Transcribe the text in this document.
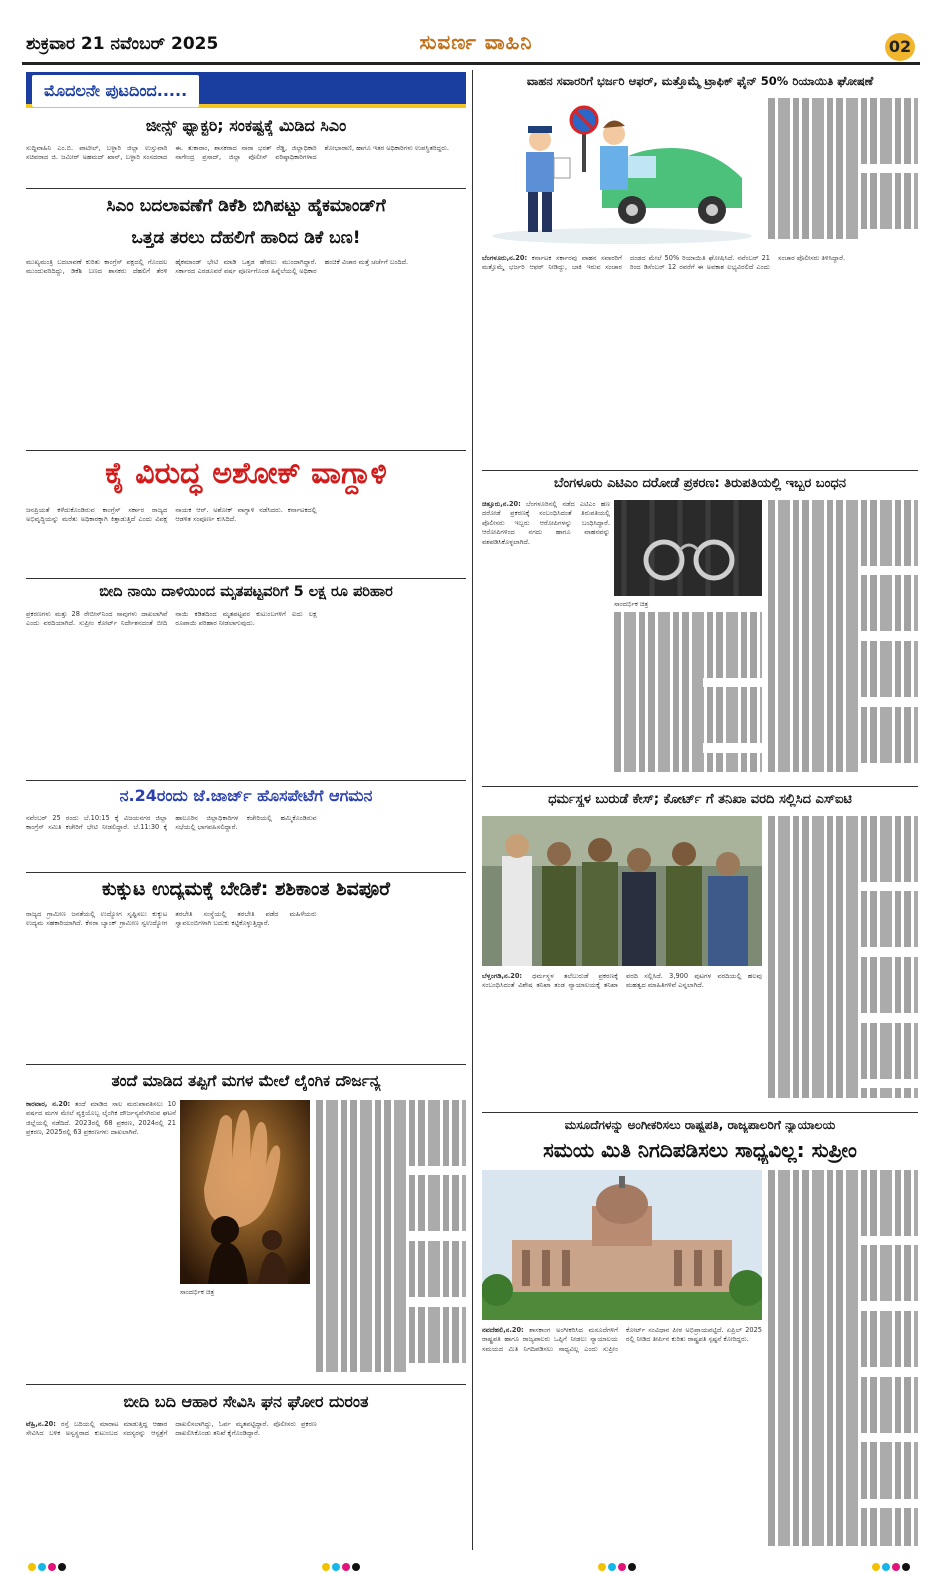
ಶುಕ್ರವಾರ 21 ನವೆಂಬರ್ 2025	ಸುವರ್ಣ ವಾಹಿನಿ	02
ಮೊದಲನೇ ಪುಟದಿಂದ.....
ಜೀನ್ಸ್ ಫ್ಯಾಕ್ಟರಿ; ಸಂಕಷ್ಟಕ್ಕೆ ಮಿಡಿದ ಸಿಎಂ

ಸುದ್ದಿವಾಹಿನಿ ಎಂ.ಬಿ. ಪಾಟೀಲ್, ಬಳ್ಳಾರಿ ಜಿಲ್ಲಾ ಉಸ್ತುವಾರಿ ಸಚಿವರಾದ ಜಿ. ಜಮೀರ್ ಅಹಮದ್ ಖಾನ್, ಬಳ್ಳಾರಿ ಸಂಸದರಾದ ಈ. ತುಕಾರಾಂ, ಶಾಸಕರಾದ ನಾರಾ ಭರತ್ ರೆಡ್ಡಿ, ಜಿಲ್ಲಾಧಿಕಾರಿ ನಾಗೇಂದ್ರ ಪ್ರಸಾದ್, ಜಿಲ್ಲಾ ಪೊಲೀಸ್ ವರಿಷ್ಠಾಧಿಕಾರಿಗಳಾದ ಶೋಭಾರಾಣಿ, ಹಾಗೂ ಇತರ ಅಧಿಕಾರಿಗಳು ಉಪಸ್ಥಿತರಿದ್ದರು.

ಸಿಎಂ ಬದಲಾವಣೆಗೆ ಡಿಕೆಶಿ ಬಿಗಿಪಟ್ಟು ಹೈಕಮಾಂಡ್‌ಗೆ
ಒತ್ತಡ ತರಲು ದೆಹಲಿಗೆ ಹಾರಿದ ಡಿಕೆ ಬಣ!

ಮುಖ್ಯಮಂತ್ರಿ ಬದಲಾವಣೆ ಕುರಿತು ಕಾಂಗ್ರೆಸ್ ಪಕ್ಷದಲ್ಲಿ ಗೊಂದಲ ಮುಂದುವರಿದಿದ್ದು, ಡಿಕೆಶಿ ಬಣದ ಶಾಸಕರು ದೆಹಲಿಗೆ ತೆರಳಿ ಹೈಕಮಾಂಡ್ ಭೇಟಿ ಮಾಡಿ ಒತ್ತಡ ಹೇರಲು ಮುಂದಾಗಿದ್ದಾರೆ. ಸರ್ಕಾರದ ಎರಡೂವರೆ ವರ್ಷ ಪೂರ್ಣಗೊಂಡ ಹಿನ್ನೆಲೆಯಲ್ಲಿ ಅಧಿಕಾರ ಹಂಚಿಕೆ ವಿಚಾರ ಮತ್ತೆ ಚರ್ಚೆಗೆ ಬಂದಿದೆ.

ಕೈ ವಿರುದ್ಧ ಅಶೋಕ್ ವಾಗ್ದಾಳಿ

ಜನಪ್ರಿಯತೆ ಕಳೆದುಕೊಂಡಿರುವ ಕಾಂಗ್ರೆಸ್ ಸರ್ಕಾರ ರಾಜ್ಯದ ಅಭಿವೃದ್ಧಿಯನ್ನು ಮರೆತು ಅಧಿಕಾರಕ್ಕಾಗಿ ಕಿತ್ತಾಡುತ್ತಿದೆ ಎಂದು ವಿಪಕ್ಷ ನಾಯಕ ಆರ್. ಅಶೋಕ್ ವಾಗ್ದಾಳಿ ನಡೆಸಿದರು. ಕರ್ನಾಟಕದಲ್ಲಿ ಆಡಳಿತ ಸಂಪೂರ್ಣ ಕುಸಿದಿದೆ.

ಬೀದಿ ನಾಯಿ ದಾಳಿಯಿಂದ ಮೃತಪಟ್ಟವರಿಗೆ 5 ಲಕ್ಷ ರೂ ಪರಿಹಾರ

ಪ್ರಕರಣಗಳು ಮತ್ತು 28 ರೇಬೀಸ್‌ನಿಂದ ಸಾವುಗಳು ದಾಖಲಾಗಿವೆ ಎಂದು ವರದಿಯಾಗಿದೆ. ಸುಪ್ರೀಂ ಕೋರ್ಟ್ ನಿರ್ದೇಶನದಂತೆ ಬೀದಿ ನಾಯಿ ಕಡಿತದಿಂದ ಮೃತಪಟ್ಟವರ ಕುಟುಂಬಗಳಿಗೆ ಐದು ಲಕ್ಷ ರೂಪಾಯಿ ಪರಿಹಾರ ನೀಡಲಾಗುವುದು.

ನ.24ರಂದು ಜೆ.ಜಾರ್ಜ್ ಹೊಸಪೇಟೆಗೆ ಆಗಮನ

ನವೆಂಬರ್ 25 ರಂದು ಬೆ.10:15 ಕ್ಕೆ ವಿಜಯನಗರ ಜಿಲ್ಲಾ ಕಾಂಗ್ರೆಸ್ ಸಮಿತಿ ಕಚೇರಿಗೆ ಭೇಟಿ ನೀಡಲಿದ್ದಾರೆ. ಬೆ.11:30 ಕ್ಕೆ ಹಾಲೂರಿನ ಜಿಲ್ಲಾಧಿಕಾರಿಗಳ ಕಚೇರಿಯಲ್ಲಿ ಹಮ್ಮಿಕೊಂಡಿರುವ ಸಭೆಯಲ್ಲಿ ಭಾಗವಹಿಸಲಿದ್ದಾರೆ.

ಕುಕ್ಕುಟ ಉದ್ಯಮಕ್ಕೆ ಬೇಡಿಕೆ: ಶಶಿಕಾಂತ ಶಿವಪೂರೆ

ರಾಜ್ಯದ ಗ್ರಾಮೀಣ ಜನತೆಯಲ್ಲಿ ಉದ್ಯೋಗ ಸೃಷ್ಟಿಸಲು ಕುಕ್ಕುಟ ಉದ್ಯಮ ಸಹಕಾರಿಯಾಗಿದೆ. ಕೆನರಾ ಬ್ಯಾಂಕ್ ಗ್ರಾಮೀಣ ಸ್ವಉದ್ಯೋಗ ತರಬೇತಿ ಸಂಸ್ಥೆಯಲ್ಲಿ ತರಬೇತಿ ಪಡೆದ ಮಹಿಳೆಯರು ಸ್ವಾವಲಂಬಿಗಳಾಗಿ ಬದುಕು ಕಟ್ಟಿಕೊಳ್ಳುತ್ತಿದ್ದಾರೆ.

ತಂದೆ ಮಾಡಿದ ತಪ್ಪಿಗೆ ಮಗಳ ಮೇಲೆ ಲೈಂಗಿಕ ದೌರ್ಜನ್ಯ

ಕಾರವಾರ, ನ.20: ತಂದೆ ಮಾಡಿದ ಸಾಲ ಮರುಪಾವತಿಸಲು 10 ವರ್ಷದ ಮಗಳ ಮೇಲೆ ವ್ಯಕ್ತಿಯೊಬ್ಬ ಲೈಂಗಿಕ ದೌರ್ಜನ್ಯವೆಸಗಿರುವ ಘಟನೆ ಜಿಲ್ಲೆಯಲ್ಲಿ ನಡೆದಿದೆ. 2023ರಲ್ಲಿ 68 ಪ್ರಕರಣ, 2024ರಲ್ಲಿ 21 ಪ್ರಕರಣ, 2025ರಲ್ಲಿ 63 ಪ್ರಕರಣಗಳು ದಾಖಲಾಗಿವೆ.

ಸಾಂದರ್ಭಿಕ ಚಿತ್ರ
ಬೀದಿ ಬದಿ ಆಹಾರ ಸೇವಿಸಿ ಘನ ಘೋರ ದುರಂತ

ಟೆಹ್ರಿ,ನ.20: ರಸ್ತೆ ಬದಿಯಲ್ಲಿ ಮಾರಾಟ ಮಾಡುತ್ತಿದ್ದ ಆಹಾರ ಸೇವಿಸಿದ ಬಳಿಕ ಅಸ್ವಸ್ಥರಾದ ಕುಟುಂಬದ ಸದಸ್ಯರನ್ನು ಆಸ್ಪತ್ರೆಗೆ ದಾಖಲಿಸಲಾಗಿದ್ದು, ಓರ್ವ ಮೃತಪಟ್ಟಿದ್ದಾರೆ. ಪೊಲೀಸರು ಪ್ರಕರಣ ದಾಖಲಿಸಿಕೊಂಡು ತನಿಖೆ ಕೈಗೊಂಡಿದ್ದಾರೆ.

ವಾಹನ ಸವಾರರಿಗೆ ಭರ್ಜರಿ ಆಫರ್, ಮತ್ತೊಮ್ಮೆ ಟ್ರಾಫಿಕ್ ಫೈನ್ 50% ರಿಯಾಯಿತಿ ಘೋಷಣೆ

ಬೆಂಗಳೂರು,ನ.20: ಕರ್ನಾಟಕ ಸರ್ಕಾರವು ವಾಹನ ಸವಾರರಿಗೆ ಮತ್ತೊಮ್ಮೆ ಭರ್ಜರಿ ಆಫರ್ ನೀಡಿದ್ದು, ಬಾಕಿ ಇರುವ ಸಂಚಾರ ದಂಡದ ಮೇಲೆ 50% ರಿಯಾಯಿತಿ ಘೋಷಿಸಿದೆ. ನವೆಂಬರ್ 21 ರಿಂದ ಡಿಸೆಂಬರ್ 12 ರವರೆಗೆ ಈ ಅವಕಾಶ ಲಭ್ಯವಿರಲಿದೆ ಎಂದು ಸಂಚಾರ ಪೊಲೀಸರು ತಿಳಿಸಿದ್ದಾರೆ.

ಬೆಂಗಳೂರು ಎಟಿಎಂ ದರೋಡೆ ಪ್ರಕರಣ: ತಿರುಪತಿಯಲ್ಲಿ ಇಬ್ಬರ ಬಂಧನ

ಚಿತ್ತೂರು,ನ.20: ಬೆಂಗಳೂರಿನಲ್ಲಿ ನಡೆದ ಎಟಿಎಂ ಹಣ ದರೋಡೆ ಪ್ರಕರಣಕ್ಕೆ ಸಂಬಂಧಿಸಿದಂತೆ ತಿರುಪತಿಯಲ್ಲಿ ಪೊಲೀಸರು ಇಬ್ಬರು ಆರೋಪಿಗಳನ್ನು ಬಂಧಿಸಿದ್ದಾರೆ. ಆರೋಪಿಗಳಿಂದ ನಗದು ಹಾಗೂ ವಾಹನವನ್ನು ವಶಪಡಿಸಿಕೊಳ್ಳಲಾಗಿದೆ.

ಸಾಂದರ್ಭಿಕ ಚಿತ್ರ
ಧರ್ಮಸ್ಥಳ ಬುರುಡೆ ಕೇಸ್; ಕೋರ್ಟ್ ಗೆ ತನಿಖಾ ವರದಿ ಸಲ್ಲಿಸಿದ ಎಸ್ಐಟಿ

ಬೆಳ್ತಂಗಡಿ,ನ.20: ಧರ್ಮಸ್ಥಳ ತಲೆಬುರುಡೆ ಪ್ರಕರಣಕ್ಕೆ ಸಂಬಂಧಿಸಿದಂತೆ ವಿಶೇಷ ತನಿಖಾ ತಂಡ ನ್ಯಾಯಾಲಯಕ್ಕೆ ತನಿಖಾ ವರದಿ ಸಲ್ಲಿಸಿದೆ. 3,900 ಪುಟಗಳ ವರದಿಯಲ್ಲಿ ಹಲವು ಮಹತ್ವದ ಮಾಹಿತಿಗಳಿವೆ ಎನ್ನಲಾಗಿದೆ.

ಮಸೂದೆಗಳನ್ನು ಅಂಗೀಕರಿಸಲು ರಾಷ್ಟ್ರಪತಿ, ರಾಜ್ಯಪಾಲರಿಗೆ ನ್ಯಾಯಾಲಯ
ಸಮಯ ಮಿತಿ ನಿಗದಿಪಡಿಸಲು ಸಾಧ್ಯವಿಲ್ಲ: ಸುಪ್ರೀಂ

ನವದೆಹಲಿ,ನ.20: ಶಾಸಕಾಂಗ ಅಂಗೀಕರಿಸಿದ ಮಸೂದೆಗಳಿಗೆ ರಾಷ್ಟ್ರಪತಿ ಹಾಗೂ ರಾಜ್ಯಪಾಲರು ಒಪ್ಪಿಗೆ ನೀಡಲು ನ್ಯಾಯಾಲಯ ಸಮಯದ ಮಿತಿ ನಿಗದಿಪಡಿಸಲು ಸಾಧ್ಯವಿಲ್ಲ ಎಂದು ಸುಪ್ರೀಂ ಕೋರ್ಟ್ ಸಂವಿಧಾನ ಪೀಠ ಅಭಿಪ್ರಾಯಪಟ್ಟಿದೆ. ಏಪ್ರಿಲ್ 2025 ರಲ್ಲಿ ನೀಡಿದ ತೀರ್ಪಿನ ಕುರಿತು ರಾಷ್ಟ್ರಪತಿ ಸ್ಪಷ್ಟನೆ ಕೋರಿದ್ದರು.
